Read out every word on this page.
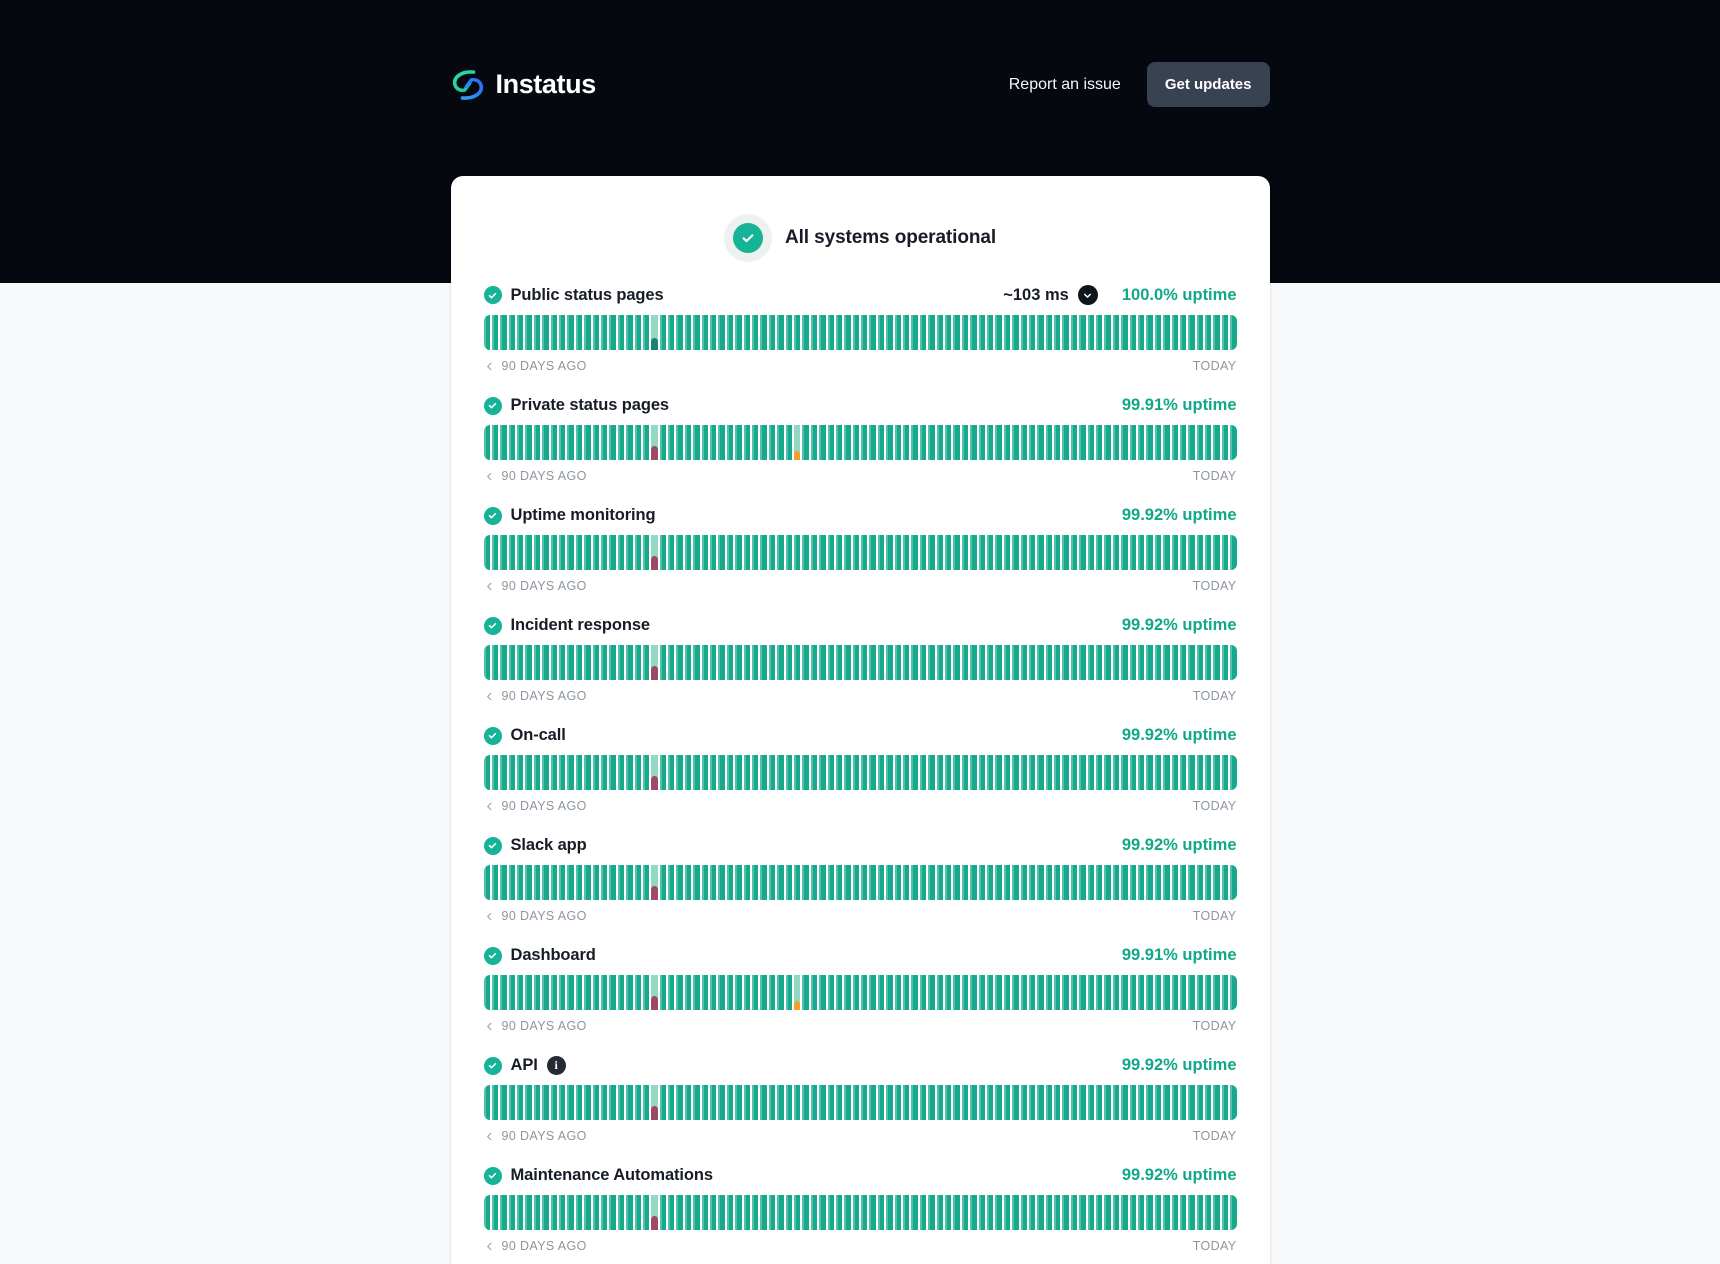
Instatus	Report an issue	Get updates
All systems operational
Public status pages	~103 ms	100.0% uptime
90 DAYS AGO	TODAY
Private status pages	99.91% uptime
90 DAYS AGO	TODAY
Uptime monitoring	99.92% uptime
90 DAYS AGO	TODAY
Incident response	99.92% uptime
90 DAYS AGO	TODAY
On-call	99.92% uptime
90 DAYS AGO	TODAY
Slack app	99.92% uptime
90 DAYS AGO	TODAY
Dashboard	99.91% uptime
90 DAYS AGO	TODAY
API	i	99.92% uptime
90 DAYS AGO	TODAY
Maintenance Automations	99.92% uptime
90 DAYS AGO	TODAY
